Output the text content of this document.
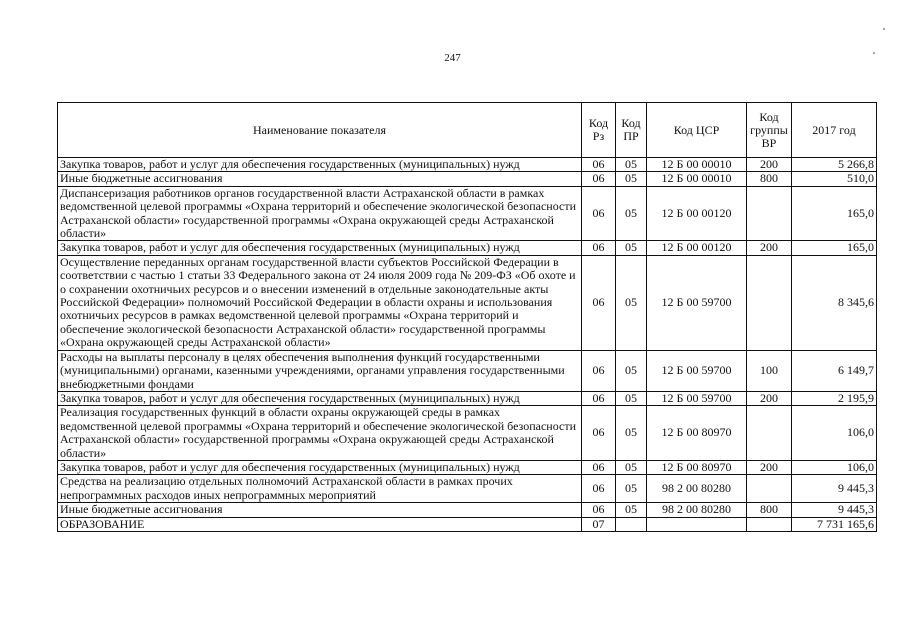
247
Наименование показателя	Код Рз	Код ПР	Код ЦСР	Код группы ВР	2017 год
Закупка товаров, работ и услуг для обеспечения государственных (муниципальных) нужд	06	05	12 Б 00 00010	200	5 266,8
Иные бюджетные ассигнования	06	05	12 Б 00 00010	800	510,0
Диспансеризация работников органов государственной власти Астраханской области в рамках ведомственной целевой программы «Охрана территорий и обеспечение экологической безопасности Астраханской области» государственной программы «Охрана окружающей среды Астраханской области»	06	05	12 Б 00 00120		165,0
Закупка товаров, работ и услуг для обеспечения государственных (муниципальных) нужд	06	05	12 Б 00 00120	200	165,0
Осуществление переданных органам государственной власти субъектов Российской Федерации в соответствии с частью 1 статьи 33 Федерального закона от 24 июля 2009 года № 209-ФЗ «Об охоте и о сохранении охотничьих ресурсов и о внесении изменений в отдельные законодательные акты Российской Федерации» полномочий Российской Федерации в области охраны и использования охотничьих ресурсов в рамках ведомственной целевой программы «Охрана территорий и обеспечение экологической безопасности Астраханской области» государственной программы «Охрана окружающей среды Астраханской области»	06	05	12 Б 00 59700		8 345,6
Расходы на выплаты персоналу в целях обеспечения выполнения функций государственными (муниципальными) органами, казенными учреждениями, органами управления государственными внебюджетными фондами	06	05	12 Б 00 59700	100	6 149,7
Закупка товаров, работ и услуг для обеспечения государственных (муниципальных) нужд	06	05	12 Б 00 59700	200	2 195,9
Реализация государственных функций в области охраны окружающей среды в рамках ведомственной целевой программы «Охрана территорий и обеспечение экологической безопасности Астраханской области» государственной программы «Охрана окружающей среды Астраханской области»	06	05	12 Б 00 80970		106,0
Закупка товаров, работ и услуг для обеспечения государственных (муниципальных) нужд	06	05	12 Б 00 80970	200	106,0
Средства на реализацию отдельных полномочий Астраханской области в рамках прочих непрограммных расходов иных непрограммных мероприятий	06	05	98 2 00 80280		9 445,3
Иные бюджетные ассигнования	06	05	98 2 00 80280	800	9 445,3
ОБРАЗОВАНИЕ	07				7 731 165,6
